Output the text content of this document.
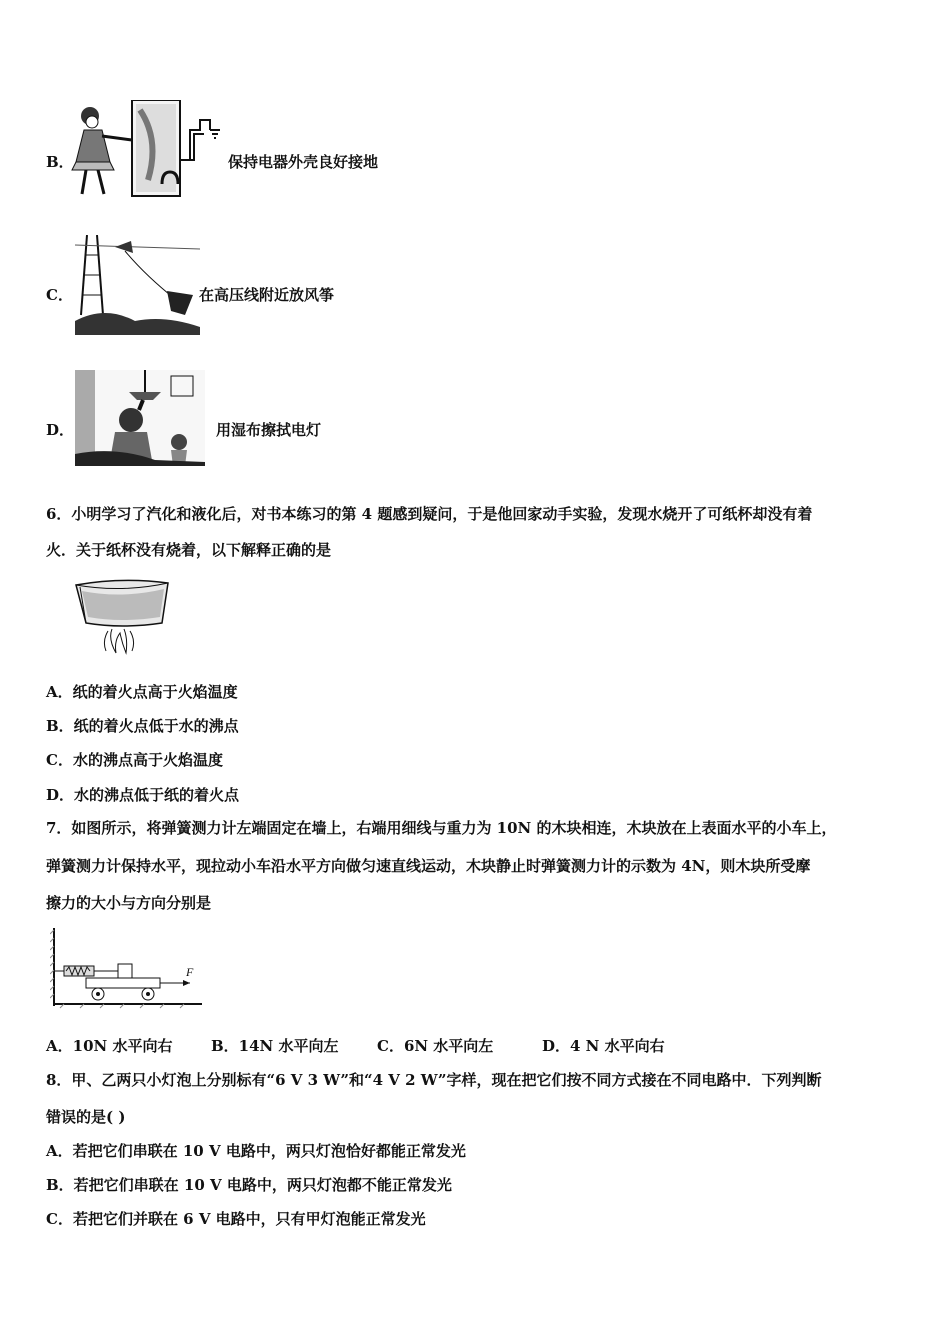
B．	保持电器外壳良好接地
C．	在高压线附近放风筝
D．	用湿布擦拭电灯
6．小明学习了汽化和液化后，对书本练习的第 4 题感到疑问，于是他回家动手实验，发现水烧开了可纸杯却没有着
火．关于纸杯没有烧着，以下解释正确的是
A．纸的着火点高于火焰温度
B．纸的着火点低于水的沸点
C．水的沸点高于火焰温度
D．水的沸点低于纸的着火点
7．如图所示，将弹簧测力计左端固定在墙上，右端用细线与重力为 10N 的木块相连，木块放在上表面水平的小车上，
弹簧测力计保持水平，现拉动小车沿水平方向做匀速直线运动，木块静止时弹簧测力计的示数为 4N，则木块所受摩
擦力的大小与方向分别是
F
A．10N 水平向右	B．14N 水平向左	C．6N 水平向左	D．4 N 水平向右
8．甲、乙两只小灯泡上分别标有“6 V 3 W”和“4 V 2 W”字样，现在把它们按不同方式接在不同电路中．下列判断
错误的是( )
A．若把它们串联在 10 V 电路中，两只灯泡恰好都能正常发光
B．若把它们串联在 10 V 电路中，两只灯泡都不能正常发光
C．若把它们并联在 6 V 电路中，只有甲灯泡能正常发光
